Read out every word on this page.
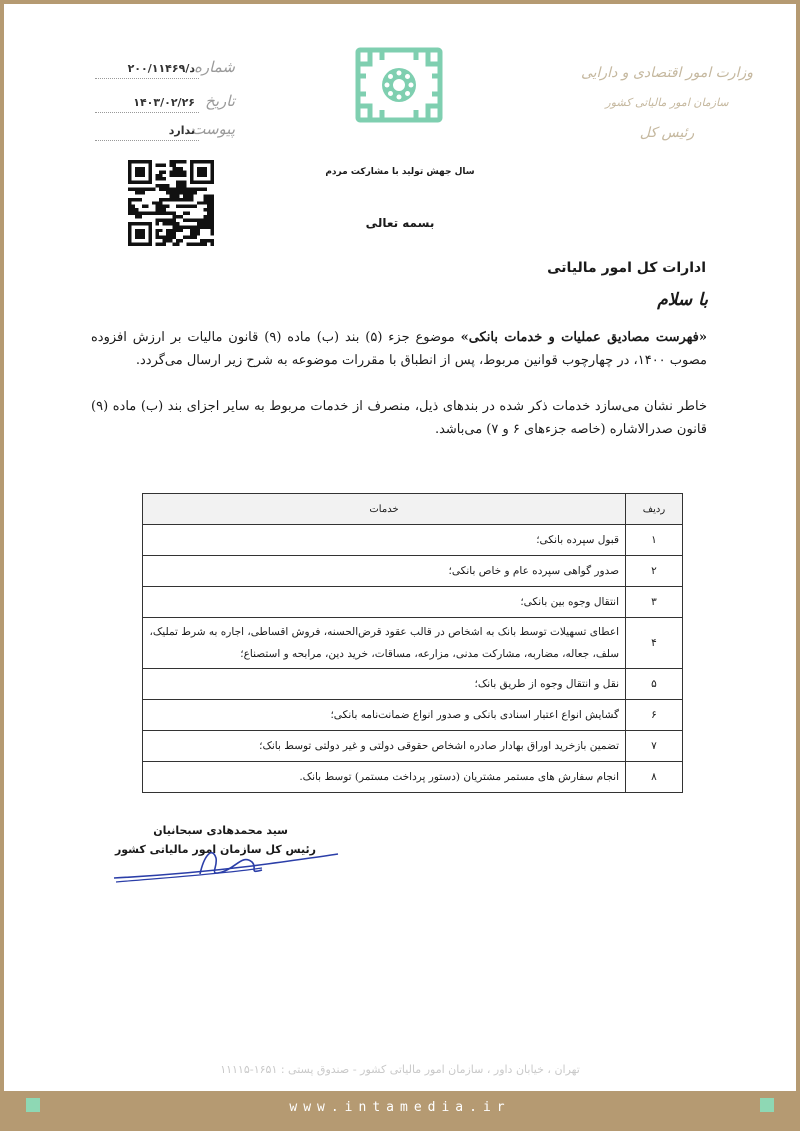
وزارت امور اقتصادی و دارایی
سازمان امور مالیاتی کشور
رئیس کل
شماره
د/۲۰۰/۱۱۴۶۹
تاریخ
۱۴۰۳/۰۲/۲۶
پیوست
ندارد
سال جهش تولید با مشارکت مردم
بسمه تعالی
ادارات کل امور مالیاتی
با سلام
«فهرست مصادیق عملیات و خدمات بانکی» موضوع جزء (۵) بند (ب) ماده (۹) قانون مالیات بر ارزش افزوده مصوب ۱۴۰۰، در چهارچوب قوانین مربوط، پس از انطباق با مقررات موضوعه به شرح زیر ارسال می‌گردد.
خاطر نشان می‌سازد خدمات ذکر شده در بندهای ذیل، منصرف از خدمات مربوط به سایر اجزای بند (ب) ماده (۹) قانون صدرالاشاره (خاصه جزءهای ۶ و ۷) می‌باشد.
ردیف	خدمات
۱	قبول سپرده بانکی؛
۲	صدور گواهی سپرده عام و خاص بانکی؛
۳	انتقال وجوه بین بانکی؛
۴	اعطای تسهیلات توسط بانک به اشخاص در قالب عقود قرض‌الحسنه، فروش اقساطی، اجاره به شرط تملیک، سلف، جعاله، مضاربه، مشارکت مدنی، مزارعه، مساقات، خرید دین، مرابحه و استصناع؛
۵	نقل و انتقال وجوه از طریق بانک؛
۶	گشایش انواع اعتبار اسنادی بانکی و صدور انواع ضمانت‌نامه بانکی؛
۷	تضمین بازخرید اوراق بهادار صادره اشخاص حقوقی دولتی و غیر دولتی توسط بانک؛
۸	انجام سفارش های مستمر مشتریان (دستور پرداخت مستمر) توسط بانک.
سید محمدهادی سبحانیان
رئیس کل سازمان امور مالیاتی کشور
تهران ، خیابان داور ، سازمان امور مالیاتی کشور - صندوق پستی : ۱۶۵۱-۱۱۱۱۵
www.intamedia.ir
